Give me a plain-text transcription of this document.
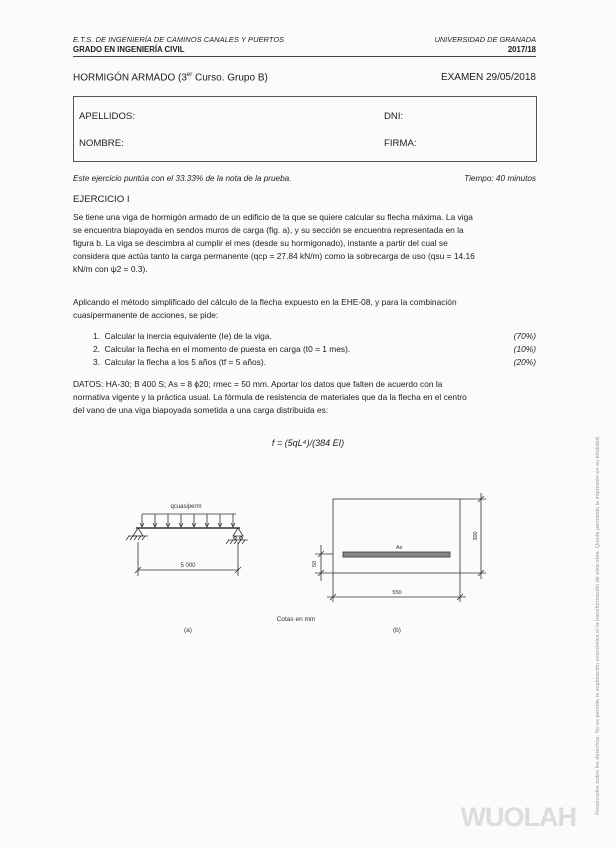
E.T.S. DE INGENIERÍA DE CAMINOS CANALES Y PUERTOS
GRADO EN INGENIERÍA CIVIL
UNIVERSIDAD DE GRANADA
2017/18
HORMIGÓN ARMADO (3er Curso. Grupo B)	EXAMEN 29/05/2018
APELLIDOS:	DNI:
NOMBRE:	FIRMA:
Este ejercicio puntúa con el 33.33% de la nota de la prueba.	Tiempo: 40 minutos
EJERCICIO I
Se tiene una viga de hormigón armado de un edificio de la que se quiere calcular su flecha máxima. La viga
se encuentra biapoyada en sendos muros de carga (fig. a), y su sección se encuentra representada en la
figura b. La viga se descimbra al cumplir el mes (desde su hormigonado), instante a partir del cual se
considera que actúa tanto la carga permanente (qcp = 27.84 kN/m) como la sobrecarga de uso (qsu = 14.16
kN/m con ψ2 = 0.3).
Aplicando el método simplificado del cálculo de la flecha expuesto en la EHE-08, y para la combinación
cuasipermanente de acciones, se pide:
1. Calcular la inercia equivalente (Ie) de la viga.	(70%)
2. Calcular la flecha en el momento de puesta en carga (t0 = 1 mes).	(10%)
3. Calcular la flecha a los 5 años (tf = 5 años).	(20%)
DATOS: HA-30; B 400 S; As = 8 ϕ20; rmec = 50 mm. Aportar los datos que falten de acuerdo con la
normativa vigente y la práctica usual. La fórmula de resistencia de materiales que da la flecha en el centro
del vano de una viga biapoyada sometida a una carga distribuida es:
f = (5qL⁴)/(384 EI)
qcuasiperm
5 000
As
50
300
550
Cotas en mm
(a)	(b)	Reservados todos los derechos. No se permite la explotación económica ni la transformación de esta obra. Queda permitida la impresión en su totalidad.
WUOLAH
